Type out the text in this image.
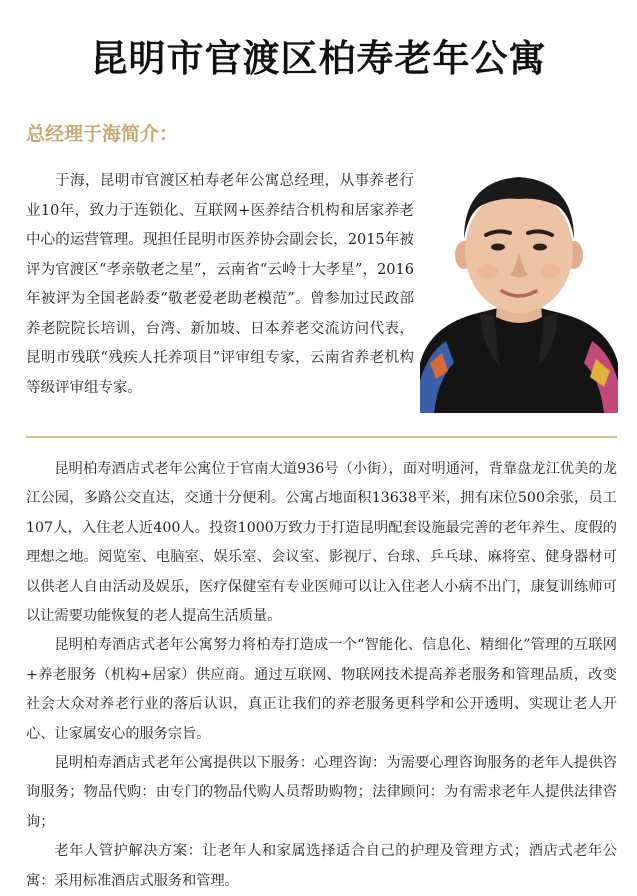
昆明市官渡区柏寿老年公寓
总经理于海简介：

于海，昆明市官渡区柏寿老年公寓总经理，从事养老行业10年，致力于连锁化、互联网+医养结合机构和居家养老中心的运营管理。现担任昆明市医养协会副会长，2015年被评为官渡区“孝亲敬老之星”，云南省“云岭十大孝星”，2016年被评为全国老龄委“敬老爱老助老模范”。曾参加过民政部养老院院长培训，台湾、新加坡、日本养老交流访问代表，昆明市残联“残疾人托养项目”评审组专家，云南省养老机构等级评审组专家。

昆明柏寿酒店式老年公寓位于官南大道936号（小街），面对明通河，背靠盘龙江优美的龙江公园，多路公交直达，交通十分便利。公寓占地面积13638平米，拥有床位500余张，员工107人，入住老人近400人。投资1000万致力于打造昆明配套设施最完善的老年养生、度假的理想之地。阅览室、电脑室、娱乐室、会议室、影视厅、台球、乒乓球、麻将室、健身器材可以供老人自由活动及娱乐，医疗保健室有专业医师可以让入住老人小病不出门，康复训练师可以让需要功能恢复的老人提高生活质量。

昆明柏寿酒店式老年公寓努力将柏寿打造成一个“智能化、信息化、精细化”管理的互联网+养老服务（机构+居家）供应商。通过互联网、物联网技术提高养老服务和管理品质，改变社会大众对养老行业的落后认识，真正让我们的养老服务更科学和公开透明、实现让老人开心、让家属安心的服务宗旨。

昆明柏寿酒店式老年公寓提供以下服务：心理咨询：为需要心理咨询服务的老年人提供咨询服务；物品代购：由专门的物品代购人员帮助购物；法律顾问：为有需求老年人提供法律咨询；

老年人管护解决方案：让老年人和家属选择适合自己的护理及管理方式；酒店式老年公寓：采用标准酒店式服务和管理。
